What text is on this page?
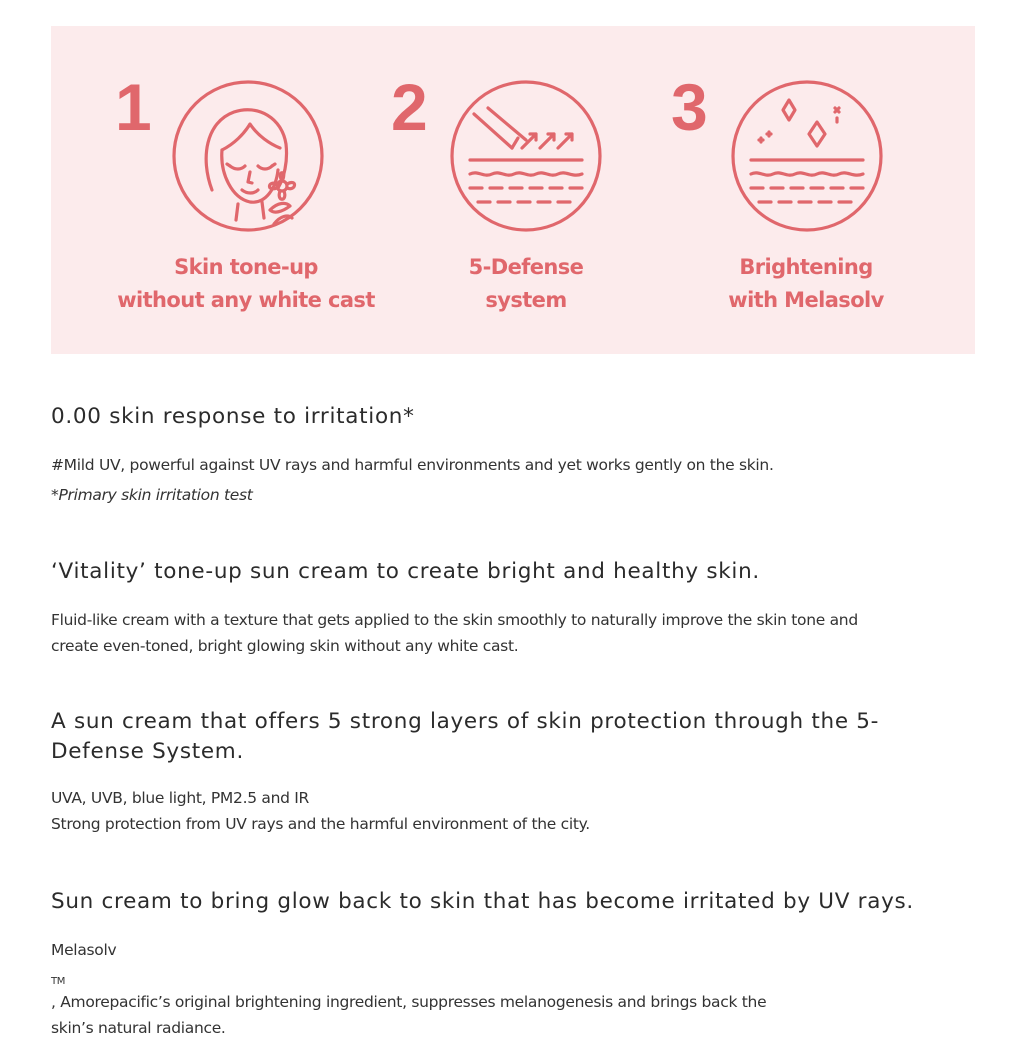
1
Skin tone-up
without any white cast
2
5-Defense
system
3
Brightening
with Melasolv
0.00 skin response to irritation*
#Mild UV, powerful against UV rays and harmful environments and yet works gently on the skin.
*Primary skin irritation test
‘Vitality’ tone-up sun cream to create bright and healthy skin.
Fluid-like cream with a texture that gets applied to the skin smoothly to naturally improve the skin tone and
create even-toned, bright glowing skin without any white cast.
A sun cream that offers 5 strong layers of skin protection through the 5-
Defense System.
UVA, UVB, blue light, PM2.5 and IR
Strong protection from UV rays and the harmful environment of the city.
Sun cream to bring glow back to skin that has become irritated by UV rays.
Melasolv
$_{TM}$
, Amorepacific’s original brightening ingredient, suppresses melanogenesis and brings back the
skin’s natural radiance.
